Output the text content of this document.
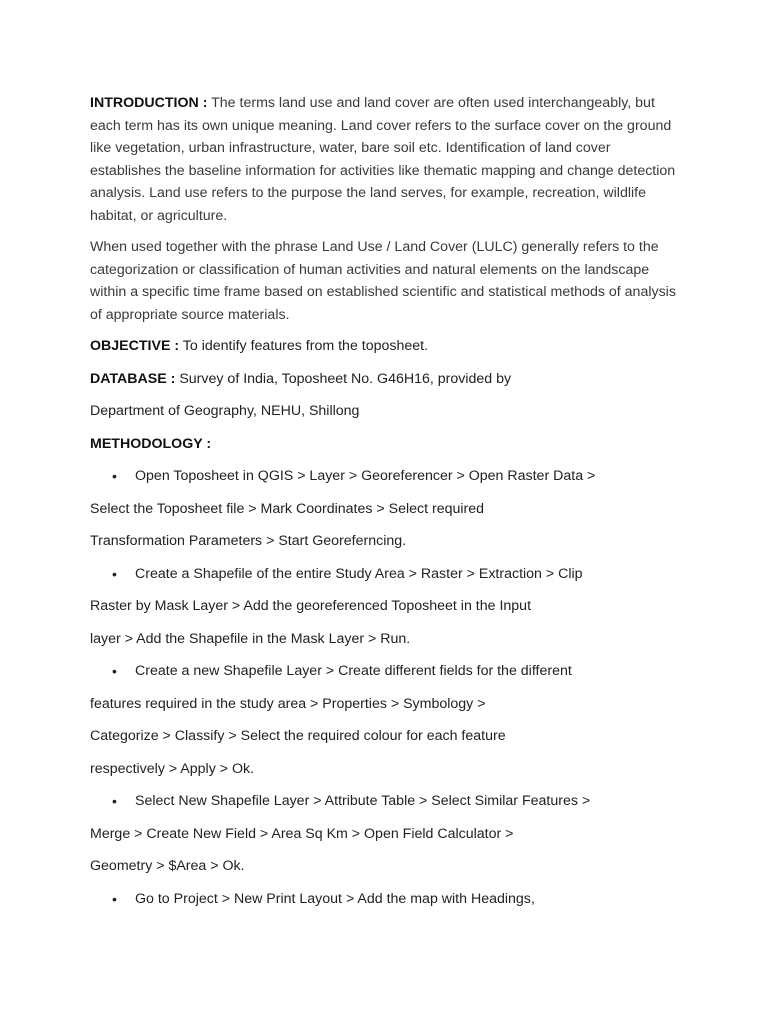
INTRODUCTION : The terms land use and land cover are often used interchangeably, but each term has its own unique meaning. Land cover refers to the surface cover on the ground like vegetation, urban infrastructure, water, bare soil etc. Identification of land cover establishes the baseline information for activities like thematic mapping and change detection analysis. Land use refers to the purpose the land serves, for example, recreation, wildlife habitat, or agriculture.

When used together with the phrase Land Use / Land Cover (LULC) generally refers to the categorization or classification of human activities and natural elements on the landscape within a specific time frame based on established scientific and statistical methods of analysis of appropriate source materials.

OBJECTIVE : To identify features from the toposheet.

DATABASE : Survey of India, Toposheet No. G46H16, provided by

Department of Geography, NEHU, Shillong

METHODOLOGY :

• Open Toposheet in QGIS > Layer > Georeferencer > Open Raster Data >

Select the Toposheet file > Mark Coordinates > Select required

Transformation Parameters > Start Georeferncing.

• Create a Shapefile of the entire Study Area > Raster > Extraction > Clip

Raster by Mask Layer > Add the georeferenced Toposheet in the Input

layer > Add the Shapefile in the Mask Layer > Run.

• Create a new Shapefile Layer > Create different fields for the different

features required in the study area > Properties > Symbology >

Categorize > Classify > Select the required colour for each feature

respectively > Apply > Ok.

• Select New Shapefile Layer > Attribute Table > Select Similar Features >

Merge > Create New Field > Area Sq Km > Open Field Calculator >

Geometry > $Area > Ok.

• Go to Project > New Print Layout > Add the map with Headings,
